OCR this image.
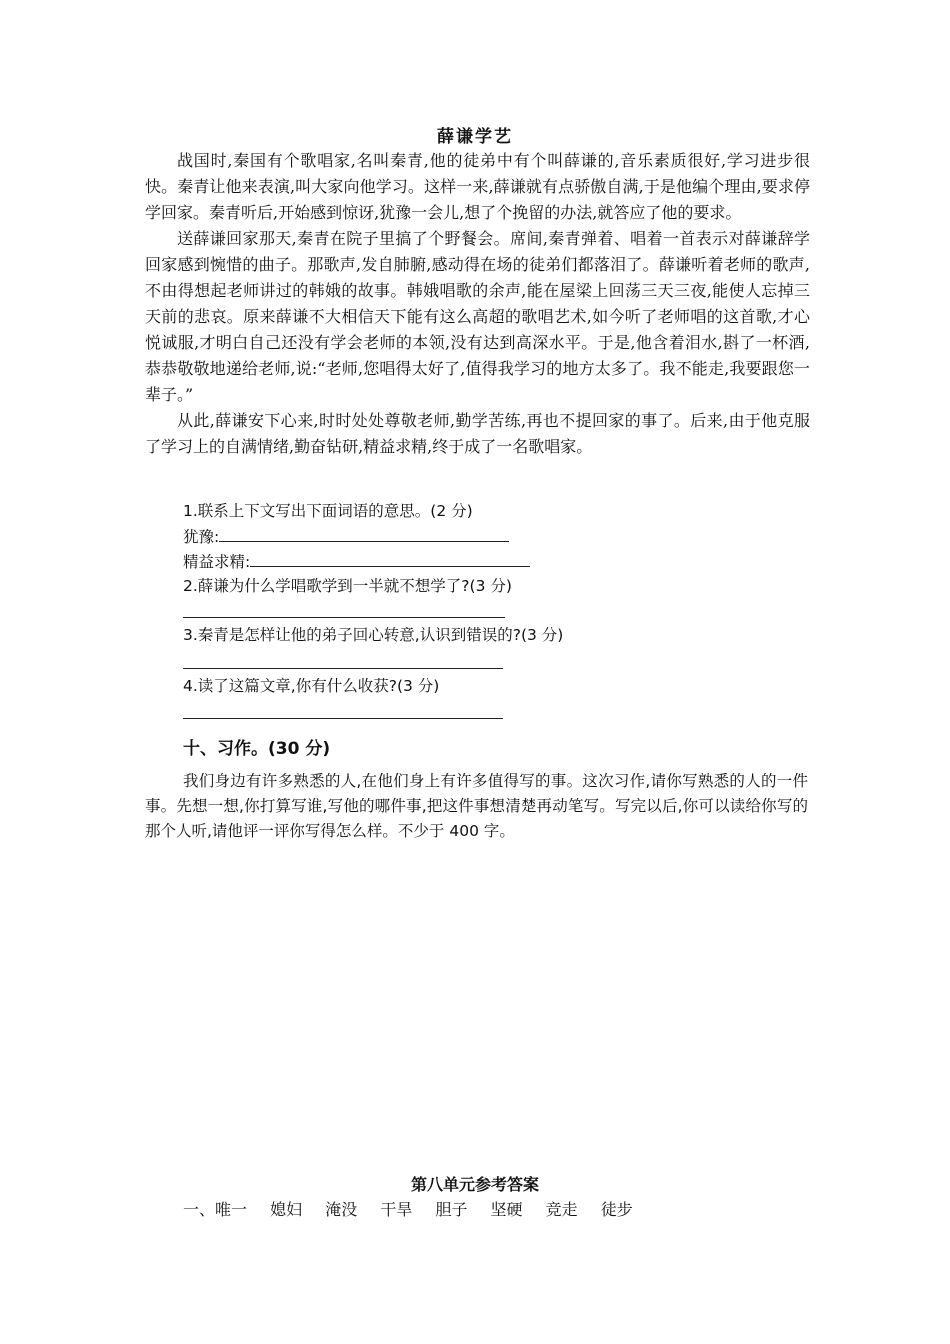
薛谦学艺

战国时,秦国有个歌唱家,名叫秦青,他的徒弟中有个叫薛谦的,音乐素质很好,学习进步很快。秦青让他来表演,叫大家向他学习。这样一来,薛谦就有点骄傲自满,于是他编个理由,要求停学回家。秦青听后,开始感到惊讶,犹豫一会儿,想了个挽留的办法,就答应了他的要求。

送薛谦回家那天,秦青在院子里搞了个野餐会。席间,秦青弹着、唱着一首表示对薛谦辞学回家感到惋惜的曲子。那歌声,发自肺腑,感动得在场的徒弟们都落泪了。薛谦听着老师的歌声,不由得想起老师讲过的韩娥的故事。韩娥唱歌的余声,能在屋梁上回荡三天三夜,能使人忘掉三天前的悲哀。原来薛谦不大相信天下能有这么高超的歌唱艺术,如今听了老师唱的这首歌,才心悦诚服,才明白自己还没有学会老师的本领,没有达到高深水平。于是,他含着泪水,斟了一杯酒,恭恭敬敬地递给老师,说:“老师,您唱得太好了,值得我学习的地方太多了。我不能走,我要跟您一辈子。”

从此,薛谦安下心来,时时处处尊敬老师,勤学苦练,再也不提回家的事了。后来,由于他克服了学习上的自满情绪,勤奋钻研,精益求精,终于成了一名歌唱家。

1.联系上下文写出下面词语的意思。(2 分)
犹豫:
精益求精:
2.薛谦为什么学唱歌学到一半就不想学了?(3 分)
3.秦青是怎样让他的弟子回心转意,认识到错误的?(3 分)
4.读了这篇文章,你有什么收获?(3 分)
十、习作。(30 分)

我们身边有许多熟悉的人,在他们身上有许多值得写的事。这次习作,请你写熟悉的人的一件事。先想一想,你打算写谁,写他的哪件事,把这件事想清楚再动笔写。写完以后,你可以读给你写的那个人听,请他评一评你写得怎么样。不少于 400 字。

第八单元参考答案
一、唯一 媳妇 淹没 干旱 胆子 坚硬 竞走 徒步
